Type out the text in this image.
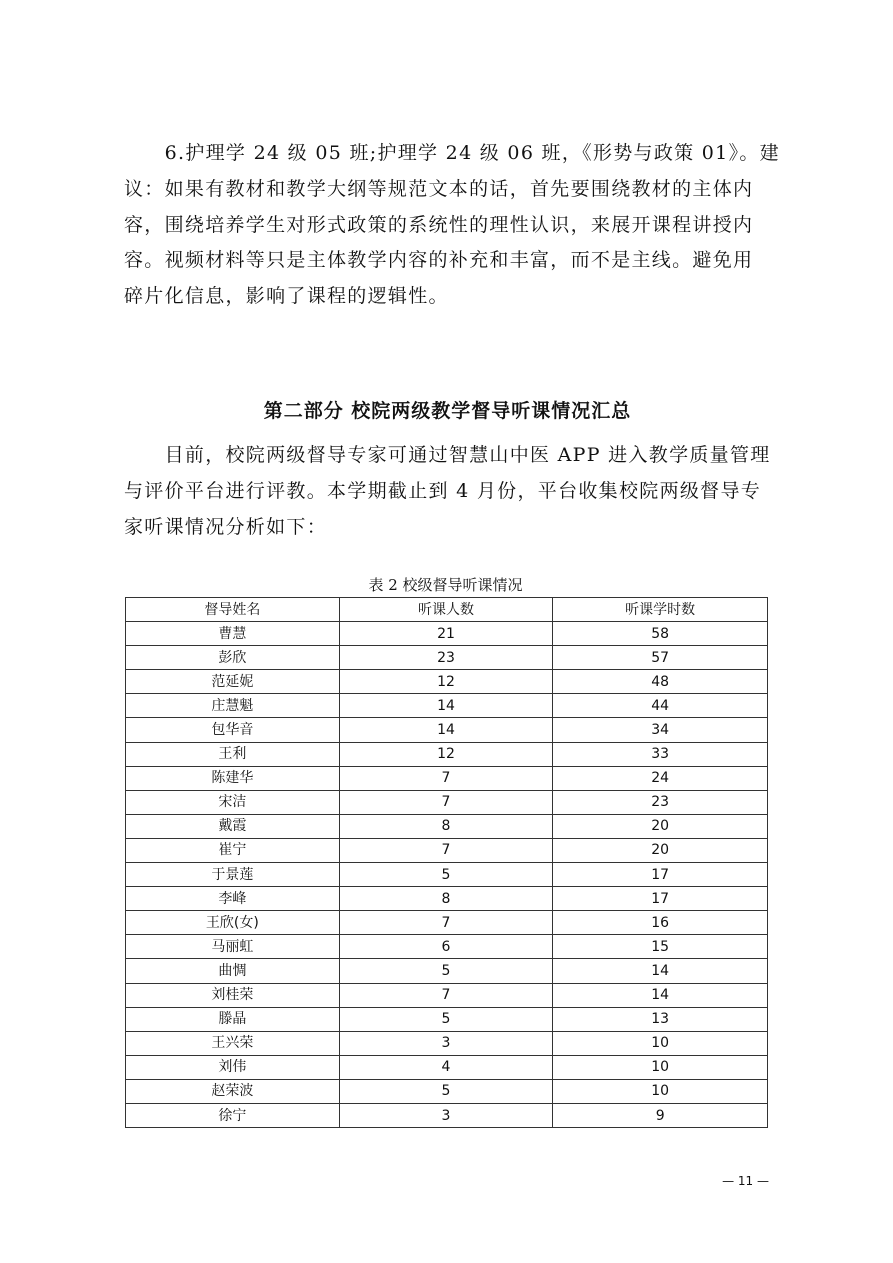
　　6.护理学 24 级 05 班;护理学 24 级 06 班，《形势与政策 01》。建
议：如果有教材和教学大纲等规范文本的话，首先要围绕教材的主体内
容，围绕培养学生对形式政策的系统性的理性认识，来展开课程讲授内
容。视频材料等只是主体教学内容的补充和丰富，而不是主线。避免用
碎片化信息，影响了课程的逻辑性。
第二部分 校院两级教学督导听课情况汇总
　　目前，校院两级督导专家可通过智慧山中医 APP 进入教学质量管理
与评价平台进行评教。本学期截止到 4 月份，平台收集校院两级督导专
家听课情况分析如下：

表 2 校级督导听课情况

督导姓名	听课人数	听课学时数
曹慧	21	58
彭欣	23	57
范延妮	12	48
庄慧魁	14	44
包华音	14	34
王利	12	33
陈建华	7	24
宋洁	7	23
戴霞	8	20
崔宁	7	20
于景莲	5	17
李峰	8	17
王欣(女)	7	16
马丽虹	6	15
曲惆	5	14
刘桂荣	7	14
滕晶	5	13
王兴荣	3	10
刘伟	4	10
赵荣波	5	10
徐宁	3	9

— 11 —
